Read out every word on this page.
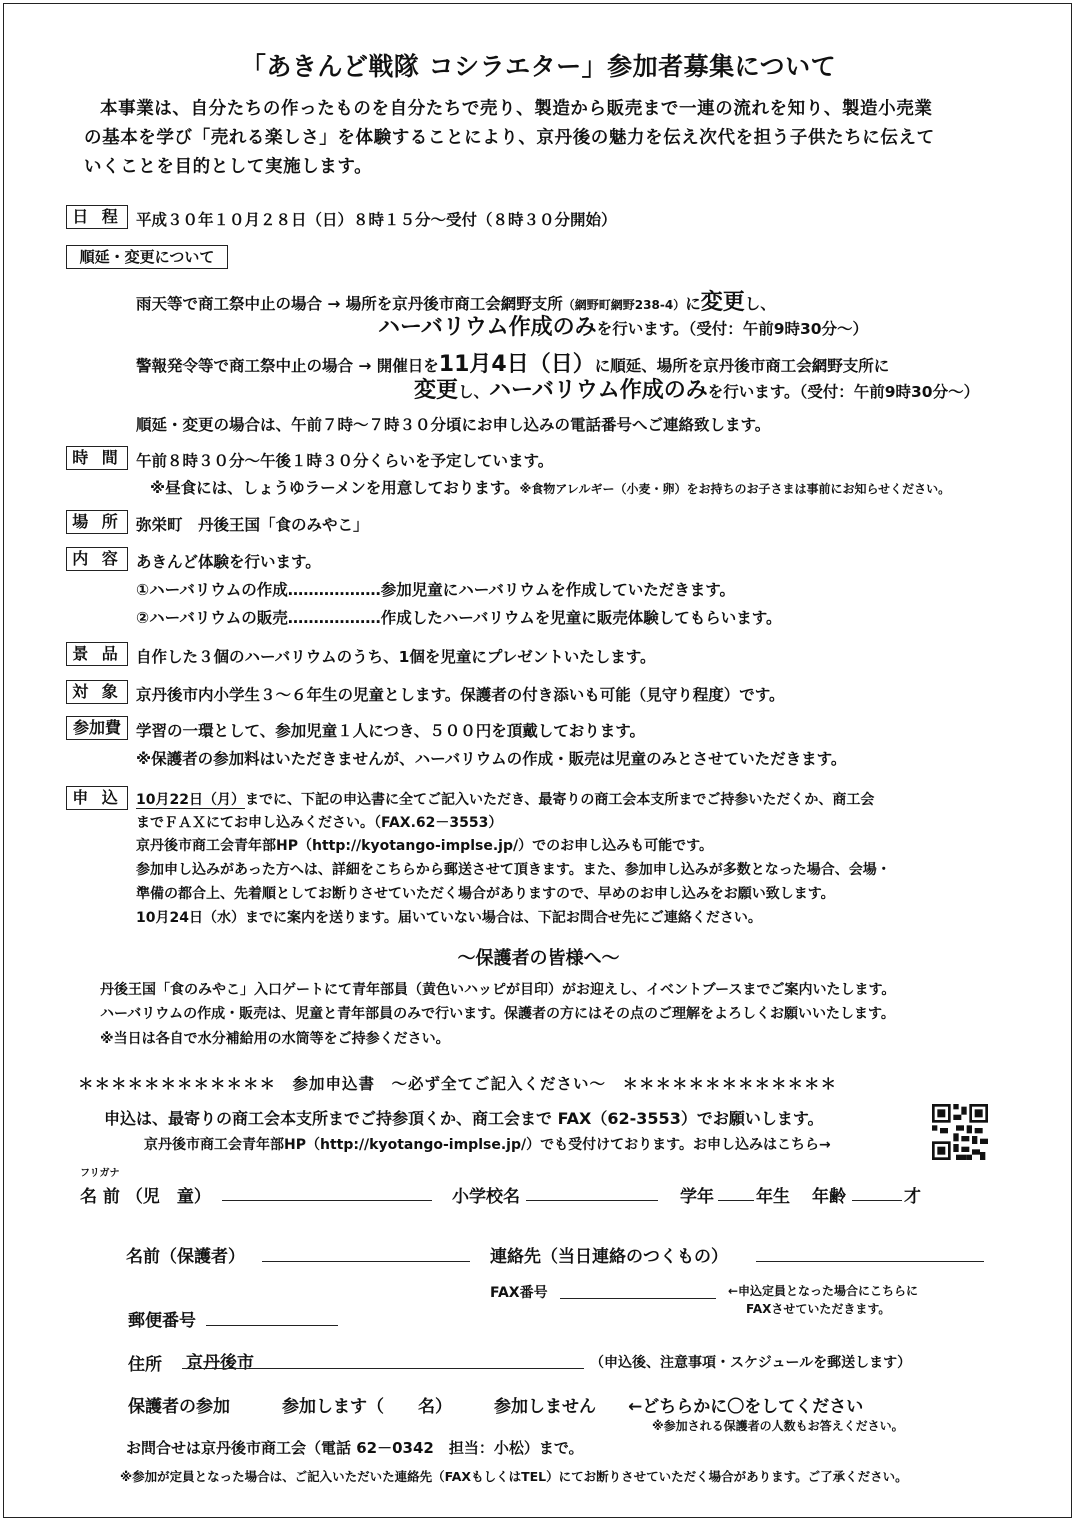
「あきんど戦隊 コシラエター」参加者募集について
本事業は、自分たちの作ったものを自分たちで売り、製造から販売まで一連の流れを知り、製造小売業
の基本を学び「売れる楽しさ」を体験することにより、京丹後の魅力を伝え次代を担う子供たちに伝えて
いくことを目的として実施します。
日 程 平成３０年１０月２８日（日）８時１５分～受付（８時３０分開始）
順延・変更について
雨天等で商工祭中止の場合 → 場所を京丹後市商工会網野支所（網野町網野238-4）に変更し、
ハーバリウム作成のみを行います。（受付：午前9時30分～）
警報発令等で商工祭中止の場合 → 開催日を11月4日（日）に順延、場所を京丹後市商工会網野支所に
変更し、ハーバリウム作成のみを行います。（受付：午前9時30分～）
順延・変更の場合は、午前７時～７時３０分頃にお申し込みの電話番号へご連絡致します。
時 間 午前８時３０分～午後１時３０分くらいを予定しています。
※昼食には、しょうゆラーメンを用意しております。※食物アレルギー（小麦・卵）をお持ちのお子さまは事前にお知らせください。
場 所 弥栄町　丹後王国「食のみやこ」
内 容 あきんど体験を行います。
①ハーバリウムの作成………………参加児童にハーバリウムを作成していただきます。
②ハーバリウムの販売………………作成したハーバリウムを児童に販売体験してもらいます。
景 品 自作した３個のハーバリウムのうち、1個を児童にプレゼントいたします。
対 象 京丹後市内小学生３～６年生の児童とします。保護者の付き添いも可能（見守り程度）です。
参加費 学習の一環として、参加児童１人につき、５００円を頂戴しております。
※保護者の参加料はいただきませんが、ハーバリウムの作成・販売は児童のみとさせていただきます。
申 込	10月22日（月）までに、下記の申込書に全てご記入いただき、最寄りの商工会本支所までご持参いただくか、商工会
までＦＡＸにてお申し込みください。（FAX.62－3553）
京丹後市商工会青年部HP（http://kyotango-implse.jp/）でのお申し込みも可能です。
参加申し込みがあった方へは、詳細をこちらから郵送させて頂きます。また、参加申し込みが多数となった場合、会場・
準備の都合上、先着順としてお断りさせていただく場合がありますので、早めのお申し込みをお願い致します。
10月24日（水）までに案内を送ります。届いていない場合は、下記お問合せ先にご連絡ください。
～保護者の皆様へ～
丹後王国「食のみやこ」入口ゲートにて青年部員（黄色いハッピが目印）がお迎えし、イベントブースまでご案内いたします。
ハーバリウムの作成・販売は、児童と青年部員のみで行います。保護者の方にはその点のご理解をよろしくお願いいたします。
※当日は各自で水分補給用の水筒等をご持参ください。
＊＊＊＊＊＊＊＊＊＊＊＊　参加申込書　～必ず全てご記入ください～　＊＊＊＊＊＊＊＊＊＊＊＊＊
申込は、最寄りの商工会本支所までご持参頂くか、商工会まで FAX（62-3553）でお願いします。
京丹後市商工会青年部HP（http://kyotango-implse.jp/）でも受付けております。お申し込みはこちら→
フリガナ
名 前 （児　童）	小学校名	学年 年生 年齢	才
名前（保護者）	連絡先（当日連絡のつくもの）
FAX番号	←申込定員となった場合にこちらに
FAXさせていただきます。
郵便番号
住所 京丹後市	（申込後、注意事項・スケジュールを郵送します）
保護者の参加	参加します（　　名） 参加しません ←どちらかに〇をしてください
※参加される保護者の人数もお答えください。
お問合せは京丹後市商工会（電話 62－0342　担当：小松）まで。
※参加が定員となった場合は、ご記入いただいた連絡先（FAXもしくはTEL）にてお断りさせていただく場合があります。ご了承ください。
